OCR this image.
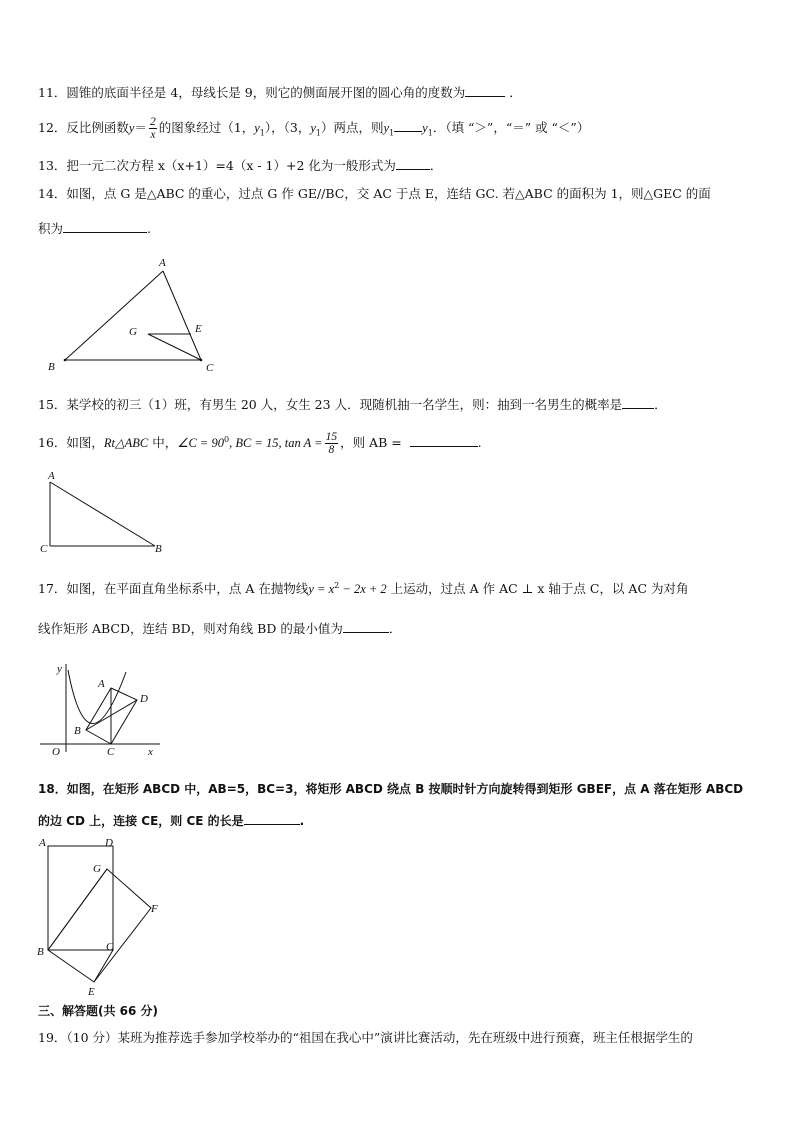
11．圆锥的底面半径是 4，母线长是 9，则它的侧面展开图的圆心角的度数为	．
12．反比例函数$y= \frac{2}{x}$ 的图象经过（1，$y_1$），（3，$y_1$）两点，则$y_1$ $y_1$．（填 “＞”，“＝” 或 “＜”）
13．把一元二次方程 x（x+1）=4（x - 1）+2 化为一般形式为	．
14．如图，点 G 是△ABC 的重心，过点 G 作 GE//BC，交 AC 于点 E，连结 GC. 若△ABC 的面积为 1，则△GEC 的面
积为	.
A
G	E
B	C
15．某学校的初三（1）班，有男生 20 人，女生 23 人．现随机抽一名学生，则：抽到一名男生的概率是	．
16．如图，Rt△ABC 中，∠C = $90^0$, BC = 15, $\tan A = \frac{15}{8}$ ，则 AB =	.
A
C	B
17．如图，在平面直角坐标系中，点 A 在抛物线$y = x^2 - 2x + 2$ 上运动，过点 A 作 AC ⊥ x 轴于点 C，以 AC 为对角
线作矩形 ABCD，连结 BD，则对角线 BD 的最小值为	．
y
A
D
B
O	C	x
18．如图，在矩形 ABCD 中，AB=5，BC=3，将矩形 ABCD 绕点 B 按顺时针方向旋转得到矩形 GBEF，点 A 落在矩形 ABCD
的边 CD 上，连接 CE，则 CE 的长是	.
A	D
G
F
B	C
E
三、解答题(共 66 分)
19．（10 分）某班为推荐选手参加学校举办的“祖国在我心中”演讲比赛活动，先在班级中进行预赛，班主任根据学生的
